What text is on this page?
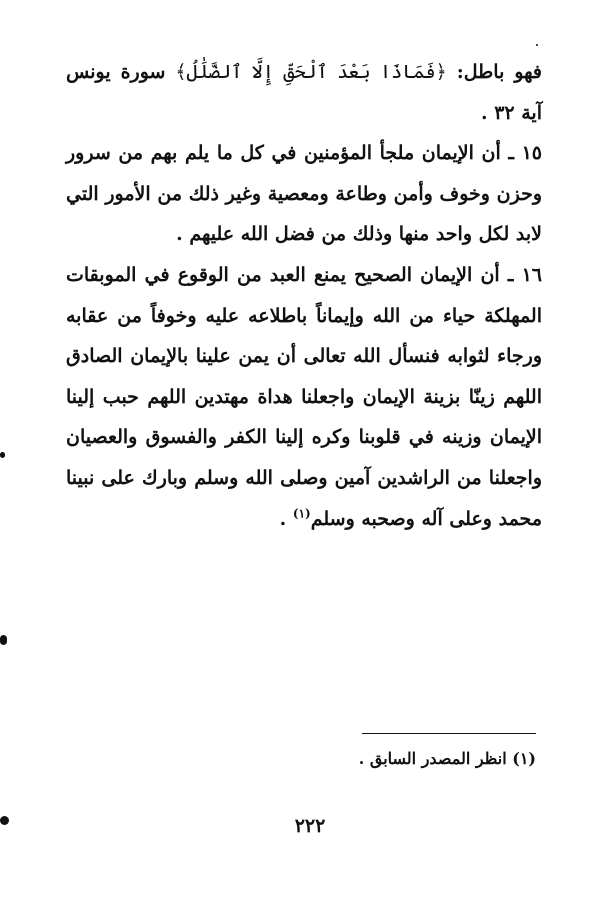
فهو باطل: ﴿فَمَاذَا بَعْدَ ٱلْحَقِّ إِلَّا ٱلضَّلَٰلُ﴾ سورة يونس آية ٣٢ .

١٥ ـ أن الإيمان ملجأ المؤمنين في كل ما يلم بهم من سرور وحزن وخوف وأمن وطاعة ومعصية وغير ذلك من الأمور التي لابد لكل واحد منها وذلك من فضل الله عليهم .

١٦ ـ أن الإيمان الصحيح يمنع العبد من الوقوع في الموبقات المهلكة حياء من الله وإيماناً باطلاعه عليه وخوفاً من عقابه ورجاء لثوابه فنسأل الله تعالى أن يمن علينا بالإيمان الصادق اللهم زينّا بزينة الإيمان واجعلنا هداة مهتدين اللهم حبب إلينا الإيمان وزينه في قلوبنا وكره إلينا الكفر والفسوق والعصيان واجعلنا من الراشدين آمين وصلى الله وسلم وبارك على نبينا محمد وعلى آله وصحبه وسلم$^{(١)}$ .

(١) انظر المصدر السابق .
٢٢٢
